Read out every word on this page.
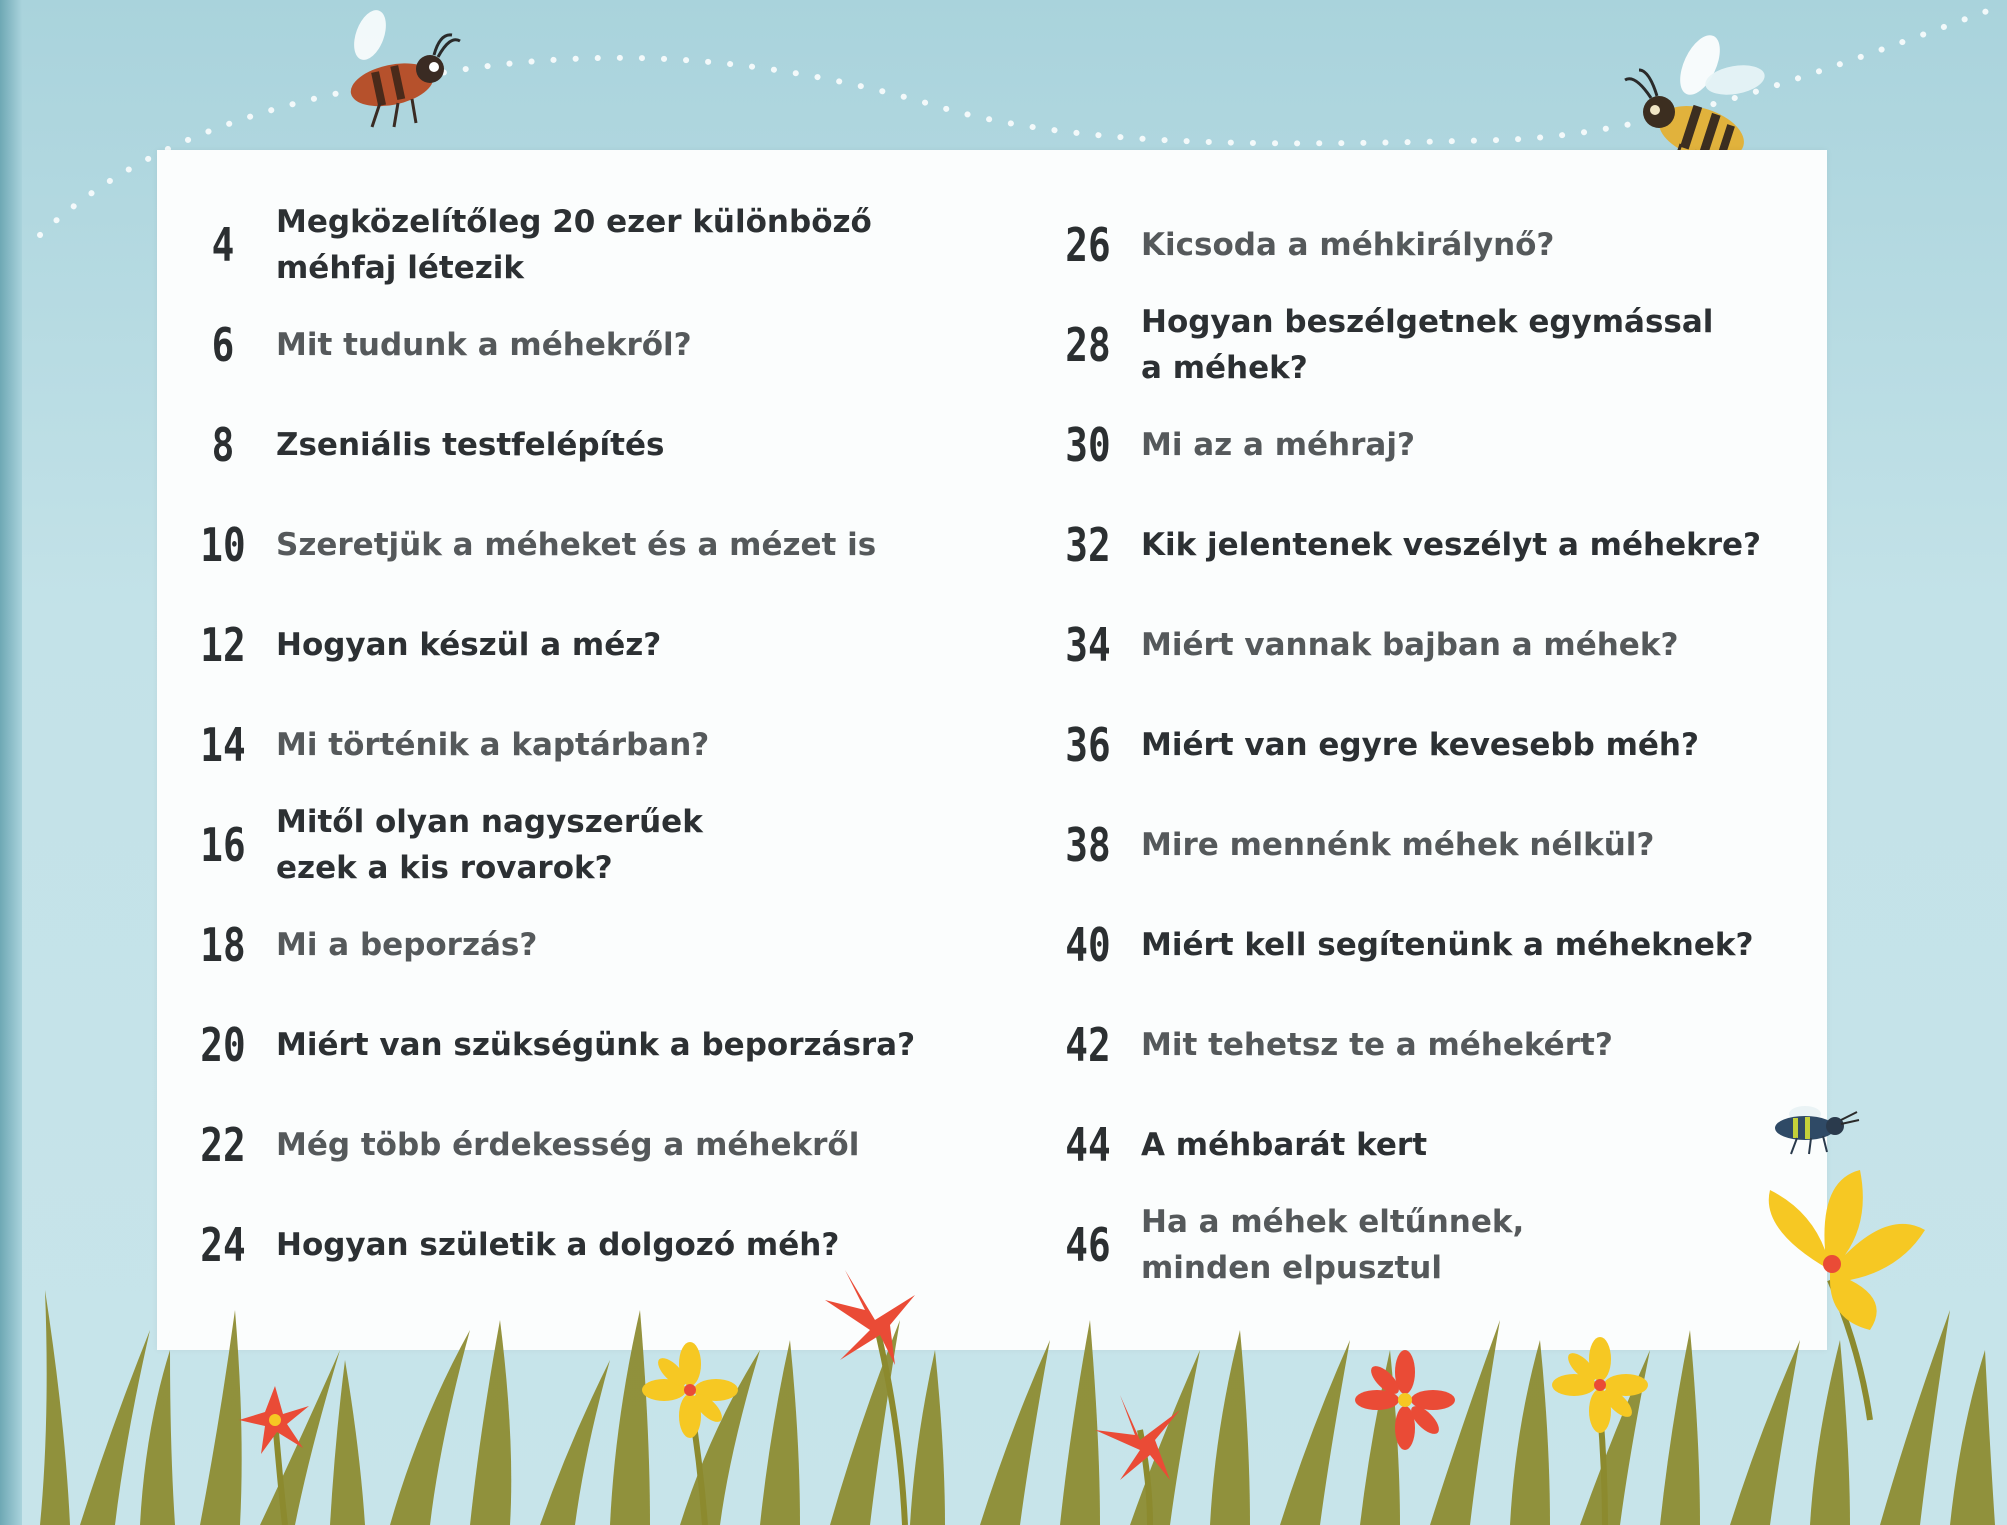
4	Megközelítőleg 20 ezer különböző méhfaj létezik
6	Mit tudunk a méhekről?
8	Zseniális testfelépítés
10 Szeretjük a méheket és a mézet is
12 Hogyan készül a méz?
14 Mi történik a kaptárban?
16 Mitől olyan nagyszerűek ezek a kis rovarok?
18 Mi a beporzás?
20 Miért van szükségünk a beporzásra?
22 Még több érdekesség a méhekről
24 Hogyan születik a dolgozó méh?
26 Kicsoda a méhkirálynő?
28 Hogyan beszélgetnek egymással a méhek?
30 Mi az a méhraj?
32 Kik jelentenek veszélyt a méhekre?
34 Miért vannak bajban a méhek?
36 Miért van egyre kevesebb méh?
38 Mire mennénk méhek nélkül?
40 Miért kell segítenünk a méheknek?
42 Mit tehetsz te a méhekért?
44 A méhbarát kert
46 Ha a méhek eltűnnek, minden elpusztul
